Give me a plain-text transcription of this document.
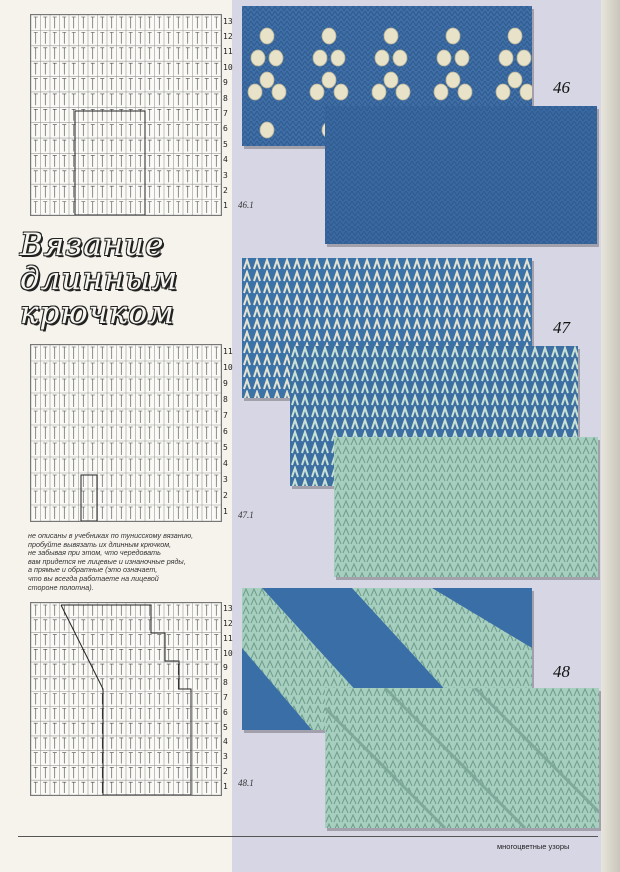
13
12
11
10
9
8
7
6
5
4
3
2
1 46.1
Вязание
длинным
крючком
11
10
9
8
7
6
5
4
3
2
1 47.1
не описаны в учебниках по тунисскому вязанию,
пробуйте вывязать их длинным крючком,
не забывая при этом, что чередовать
вам придется не лицевые и изнаночные ряды,
а прямые и обратные (это означает,
что вы всегда работаете на лицевой
стороне полотна).
13
12
11
10
9
8
7
6
5
4
3
2
1 48.1
46
47
48
многоцветные узоры
